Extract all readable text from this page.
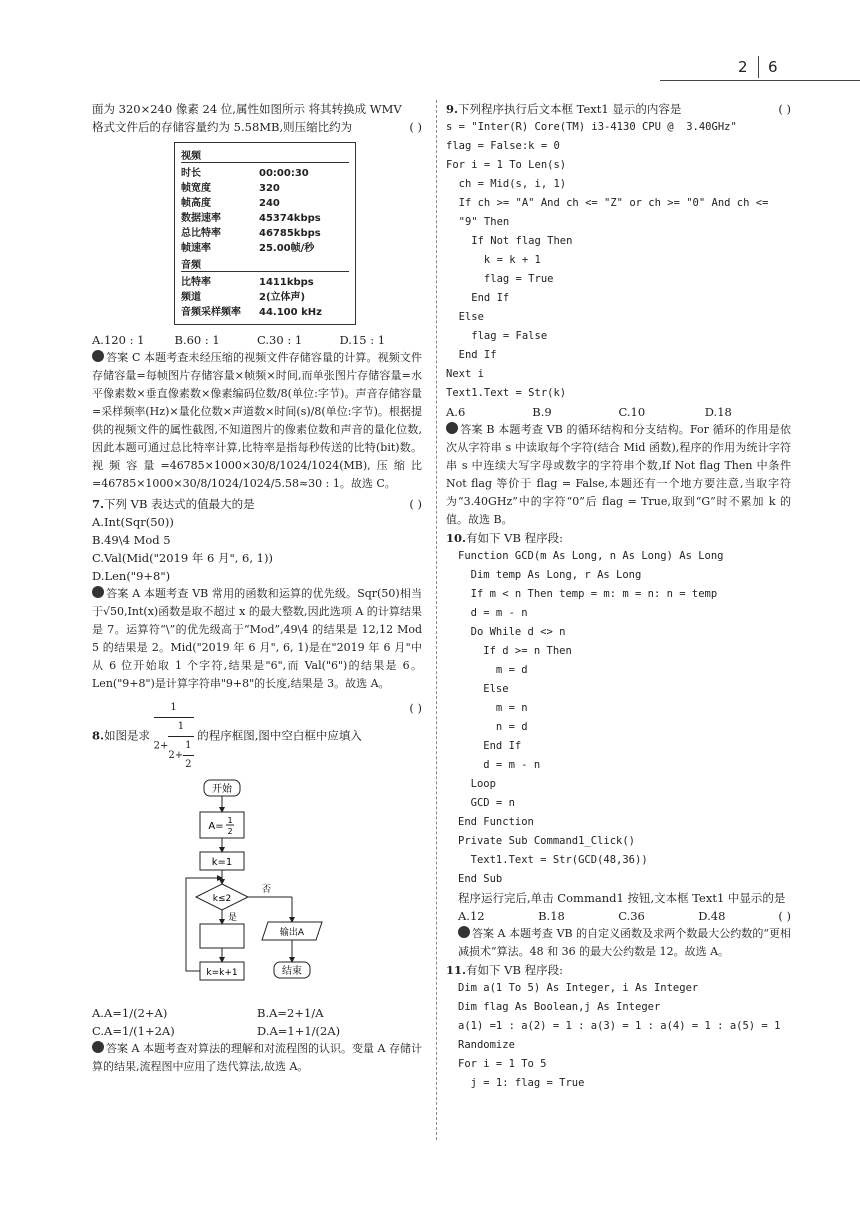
2 6

面为 320×240 像素 24 位,属性如图所示 将其转换成 WMV

格式文件后的存储容量约为 5.58MB,则压缩比约为	( )

视频
时长	00:00:30
帧宽度	320
帧高度	240
数据速率	45374kbps
总比特率	46785kbps
帧速率	25.00帧/秒
音频
比特率	1411kbps
频道	2(立体声)
音频采样频率	44.100 kHz
A.120 : 1	B.60 : 1	C.30 : 1	D.15 : 1

答案 C 本题考查未经压缩的视频文件存储容量的计算。视频文件存储容量=每帧图片存储容量×帧频×时间,而单张图片存储容量=水平像素数×垂直像素数×像素编码位数/8(单位:字节)。声音存储容量=采样频率(Hz)×量化位数×声道数×时间(s)/8(单位:字节)。根据提供的视频文件的属性截图,不知道图片的像素位数和声音的量化位数,因此本题可通过总比特率计算,比特率是指每秒传送的比特(bit)数。视频容量=46785×1000×30/8/1024/1024(MB),压缩比=46785×1000×30/8/1024/1024/5.58≈30 : 1。故选 C。

7.下列 VB 表达式的值最大的是	( )

A.Int(Sqr(50))

B.49\4 Mod 5

C.Val(Mid("2019 年 6 月", 6, 1))

D.Len("9+8")

答案 A 本题考查 VB 常用的函数和运算的优先级。Sqr(50)相当于√50,Int(x)函数是取不超过 x 的最大整数,因此选项 A 的计算结果是 7。运算符“\”的优先级高于“Mod”,49\4 的结果是 12,12 Mod 5 的结果是 2。Mid("2019 年 6 月", 6, 1)是在"2019 年 6 月"中从 6 位开始取 1 个字符,结果是"6",而 Val("6")的结果是 6。Len("9+8")是计算字符串"9+8"的长度,结果是 3。故选 A。

8.如图是求 $\frac{1}{2+ \frac{1}{2+ \frac{1}{2}}}$ 的程序框图,图中空白框中应填入
( )
开始
A=
1
2
k=1
k≤2
否
是
输出A
结束
k=k+1
A.A=1/(2+A)	B.A=2+1/A
C.A=1/(1+2A)	D.A=1+1/(2A)

答案 A 本题考查对算法的理解和对流程图的认识。变量 A 存储计算的结果,流程图中应用了迭代算法,故选 A。

9.下列程序执行后文本框 Text1 显示的内容是	( )

s = "Inter(R) Core(TM) i3-4130 CPU @  3.40GHz"
flag = False:k = 0
For i = 1 To Len(s)
ch = Mid(s, i, 1)
If ch >= "A" And ch <= "Z" or ch >= "0" And ch <=
"9" Then
If Not flag Then
k = k + 1
flag = True
End If
Else
flag = False
End If
Next i
Text1.Text = Str(k)
A.6	B.9	C.10	D.18

答案 B 本题考查 VB 的循环结构和分支结构。For 循环的作用是依次从字符串 s 中读取每个字符(结合 Mid 函数),程序的作用为统计字符串 s 中连续大写字母或数字的字符串个数,If Not flag Then 中条件 Not flag 等价于 flag = False,本题还有一个地方要注意,当取字符为“3.40GHz”中的字符“0”后 flag = True,取到“G”时不累加 k 的值。故选 B。

10.有如下 VB 程序段:

Function GCD(m As Long, n As Long) As Long
Dim temp As Long, r As Long
If m < n Then temp = m: m = n: n = temp
d = m - n
Do While d <> n
If d >= n Then
m = d
Else
m = n
n = d
End If
d = m - n
Loop
GCD = n
End Function
Private Sub Command1_Click()
Text1.Text = Str(GCD(48,36))
End Sub

程序运行完后,单击 Command1 按钮,文本框 Text1 中显示的是
( )

A.12	B.18	C.36	D.48

答案 A 本题考查 VB 的自定义函数及求两个数最大公约数的“更相减损术”算法。48 和 36 的最大公约数是 12。故选 A。

11.有如下 VB 程序段:

Dim a(1 To 5) As Integer, i As Integer
Dim flag As Boolean,j As Integer
a(1) =1 : a(2) = 1 : a(3) = 1 : a(4) = 1 : a(5) = 1
Randomize
For i = 1 To 5
j = 1: flag = True
